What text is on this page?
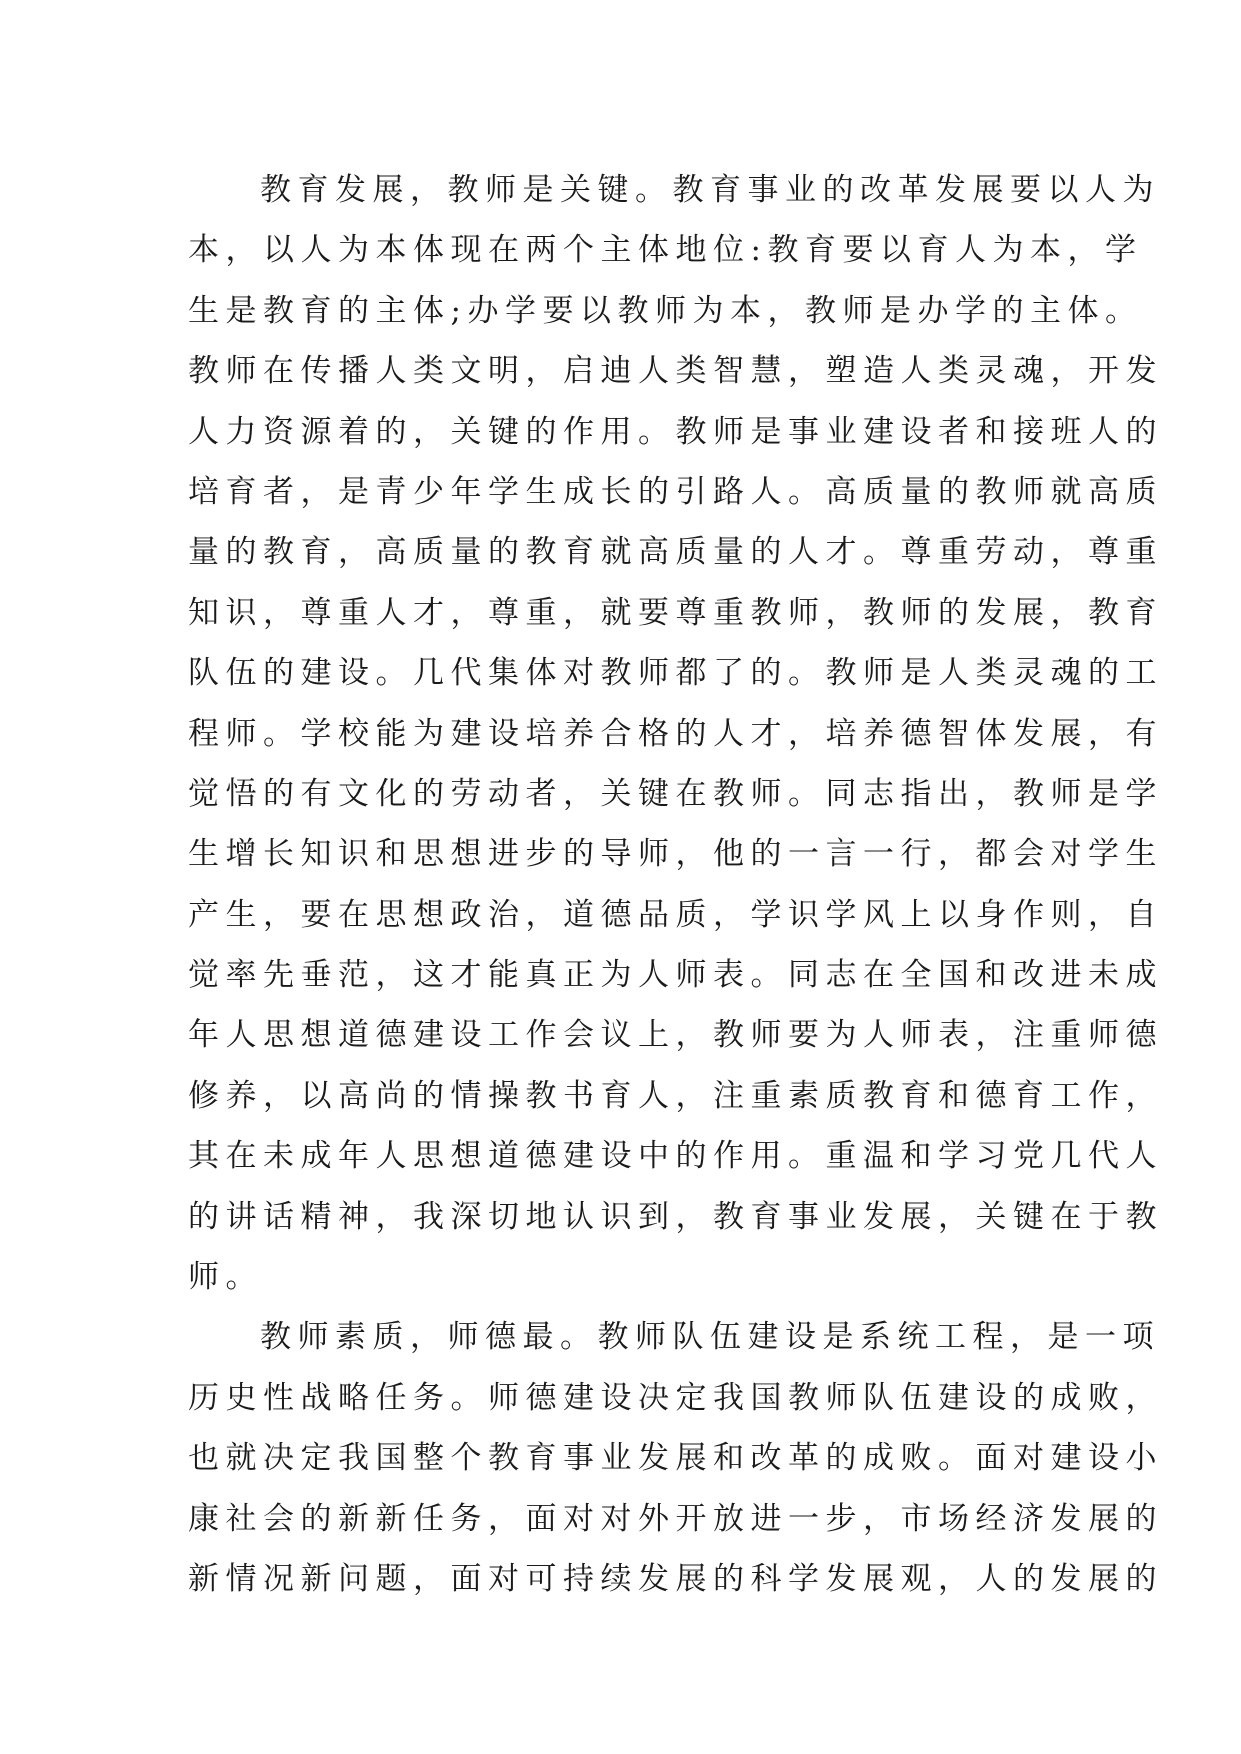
教育发展，教师是关键。教育事业的改革发展要以人为
本，以人为本体现在两个主体地位:教育要以育人为本，学
生是教育的主体;办学要以教师为本，教师是办学的主体。
教师在传播人类文明，启迪人类智慧，塑造人类灵魂，开发
人力资源着的，关键的作用。教师是事业建设者和接班人的
培育者，是青少年学生成长的引路人。高质量的教师就高质
量的教育，高质量的教育就高质量的人才。尊重劳动，尊重
知识，尊重人才，尊重，就要尊重教师，教师的发展，教育
队伍的建设。几代集体对教师都了的。教师是人类灵魂的工
程师。学校能为建设培养合格的人才，培养德智体发展，有
觉悟的有文化的劳动者，关键在教师。同志指出，教师是学
生增长知识和思想进步的导师，他的一言一行，都会对学生
产生，要在思想政治，道德品质，学识学风上以身作则，自
觉率先垂范，这才能真正为人师表。同志在全国和改进未成
年人思想道德建设工作会议上，教师要为人师表，注重师德
修养，以高尚的情操教书育人，注重素质教育和德育工作，
其在未成年人思想道德建设中的作用。重温和学习党几代人
的讲话精神，我深切地认识到，教育事业发展，关键在于教
师。
教师素质，师德最。教师队伍建设是系统工程，是一项
历史性战略任务。师德建设决定我国教师队伍建设的成败，
也就决定我国整个教育事业发展和改革的成败。面对建设小
康社会的新新任务，面对对外开放进一步，市场经济发展的
新情况新问题，面对可持续发展的科学发展观，人的发展的
